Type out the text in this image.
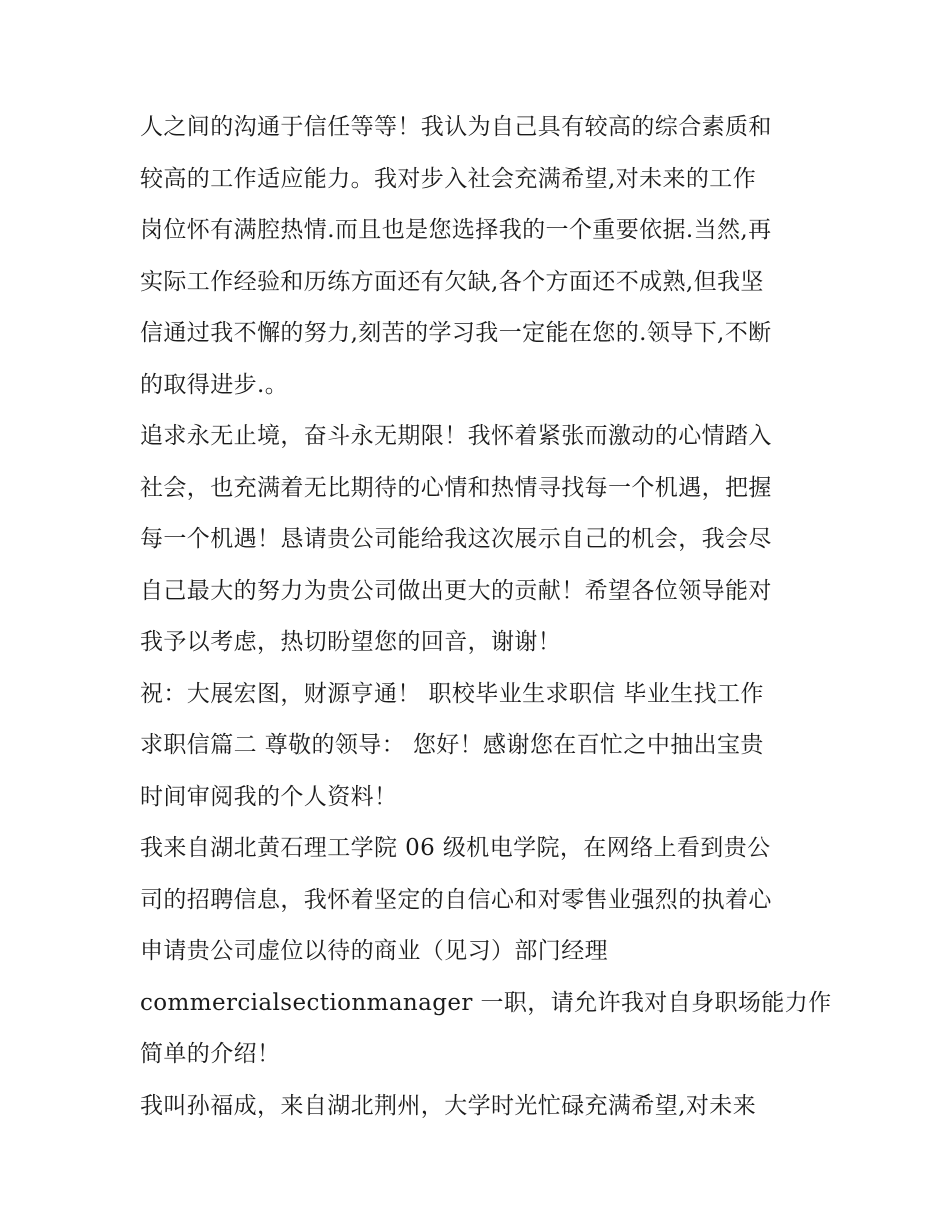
人之间的沟通于信任等等！我认为自己具有较高的综合素质和
较高的工作适应能力。我对步入社会充满希望,对未来的工作
岗位怀有满腔热情.而且也是您选择我的一个重要依据.当然,再
实际工作经验和历练方面还有欠缺,各个方面还不成熟,但我坚
信通过我不懈的努力,刻苦的学习我一定能在您的.领导下,不断
的取得进步.。
追求永无止境，奋斗永无期限！我怀着紧张而激动的心情踏入
社会，也充满着无比期待的心情和热情寻找每一个机遇，把握
每一个机遇！恳请贵公司能给我这次展示自己的机会，我会尽
自己最大的努力为贵公司做出更大的贡献！希望各位领导能对
我予以考虑，热切盼望您的回音，谢谢！
祝：大展宏图，财源亨通！ 职校毕业生求职信 毕业生找工作
求职信篇二 尊敬的领导： 您好！感谢您在百忙之中抽出宝贵
时间审阅我的个人资料！
我来自湖北黄石理工学院 06 级机电学院，在网络上看到贵公
司的招聘信息，我怀着坚定的自信心和对零售业强烈的执着心
申请贵公司虚位以待的商业（见习）部门经理
commercialsectionmanager 一职，请允许我对自身职场能力作
简单的介绍！
我叫孙福成，来自湖北荆州，大学时光忙碌充满希望,对未来
